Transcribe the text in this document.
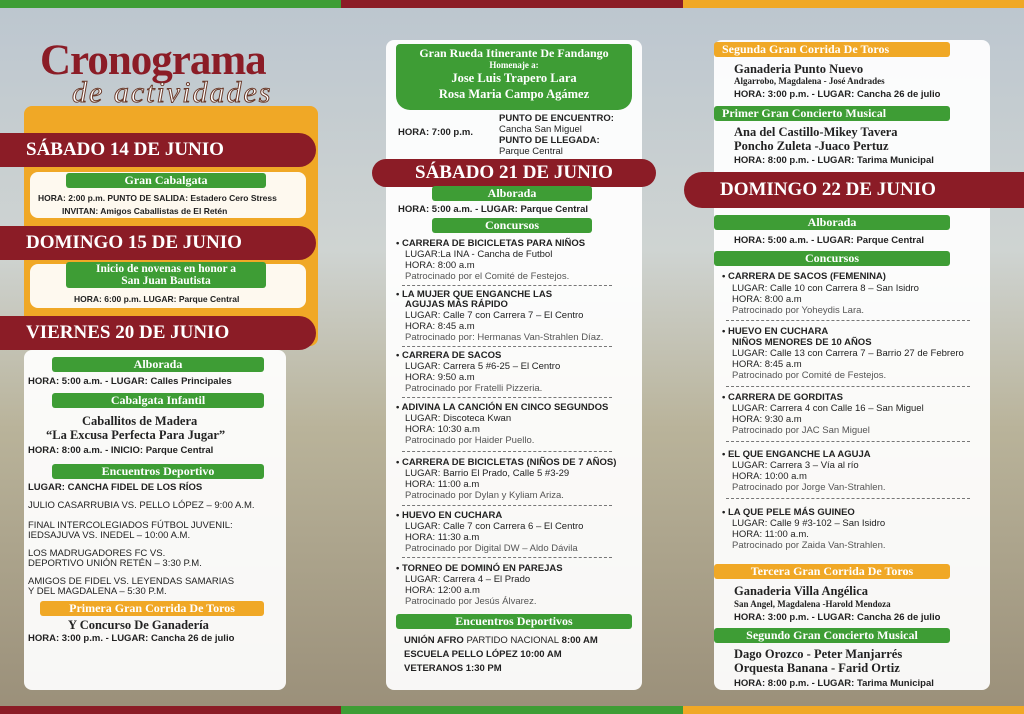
Cronograma
de actividades
SÁBADO 14 DE JUNIO
Gran Cabalgata
HORA: 2:00 p.m. PUNTO DE SALIDA: Estadero Cero Stress
INVITAN: Amigos Caballistas de El Retén
DOMINGO 15 DE JUNIO
Inicio de novenas en honor a
San Juan Bautista
HORA: 6:00 p.m. LUGAR: Parque Central
VIERNES 20 DE JUNIO
Alborada
HORA: 5:00 a.m. - LUGAR: Calles Principales
Cabalgata Infantil
Caballitos de Madera
“La Excusa Perfecta Para Jugar”
HORA: 8:00 a.m. - INICIO: Parque Central
Encuentros Deportivo
LUGAR: CANCHA FIDEL DE LOS RÍOS
JULIO CASARRUBIA VS. PELLO LÓPEZ – 9:00 A.M.
FINAL INTERCOLEGIADOS FÚTBOL JUVENIL:
IEDSAJUVA VS. INEDEL – 10:00 A.M.
LOS MADRUGADORES FC VS.
DEPORTIVO UNIÓN RETÉN – 3:30 P.M.
AMIGOS DE FIDEL VS. LEYENDAS SAMARIAS
Y DEL MAGDALENA – 5:30 P.M.
Primera Gran Corrida De Toros
Y Concurso De Ganadería
HORA: 3:00 p.m. - LUGAR: Cancha 26 de julio
Gran Rueda Itinerante De Fandango
Homenaje a:
Jose Luis Trapero Lara
Rosa Maria Campo Agámez
HORA: 7:00 p.m.
PUNTO DE ENCUENTRO:
Cancha San Miguel
PUNTO DE LLEGADA:
Parque Central
SÁBADO 21 DE JUNIO
Alborada
HORA: 5:00 a.m. - LUGAR: Parque Central
Concursos
• CARRERA DE BICICLETAS PARA NIÑOS
LUGAR:La INA - Cancha de Futbol
HORA: 8:00 a.m
Patrocinado por el Comité de Festejos.
• LA MUJER QUE ENGANCHE LAS
AGUJAS MÁS RÁPIDO
LUGAR: Calle 7 con Carrera 7 – El Centro
HORA: 8:45 a.m
Patrocinado por: Hermanas Van-Strahlen Díaz.
• CARRERA DE SACOS
LUGAR: Carrera 5 #6-25 – El Centro
HORA: 9:50 a.m
Patrocinado por Fratelli Pizzeria.
• ADIVINA LA CANCIÓN EN CINCO SEGUNDOS
LUGAR: Discoteca Kwan
HORA: 10:30 a.m
Patrocinado por Haider Puello.
• CARRERA DE BICICLETAS (NIÑOS DE 7 AÑOS)
LUGAR: Barrio El Prado, Calle 5 #3-29
HORA: 11:00 a.m
Patrocinado por Dylan y Kyliam Ariza.
• HUEVO EN CUCHARA
LUGAR: Calle 7 con Carrera 6 – El Centro
HORA: 11:30 a.m
Patrocinado por Digital DW – Aldo Dávila
• TORNEO DE DOMINÓ EN PAREJAS
LUGAR: Carrera 4 – El Prado
HORA: 12:00 a.m
Patrocinado por Jesús Álvarez.
Encuentros Deportivos
UNIÓN AFRO PARTIDO NACIONAL 8:00 AM
ESCUELA PELLO LÓPEZ 10:00 AM
VETERANOS 1:30 PM
Segunda Gran Corrida De Toros
Ganaderia Punto Nuevo
Algarrobo, Magdalena - José Andrades
HORA: 3:00 p.m. - LUGAR: Cancha 26 de julio
Primer Gran Concierto Musical
Ana del Castillo-Mikey Tavera
Poncho Zuleta -Juaco Pertuz
HORA: 8:00 p.m. - LUGAR: Tarima Municipal
DOMINGO 22 DE JUNIO
Alborada
HORA: 5:00 a.m. - LUGAR: Parque Central
Concursos
• CARRERA DE SACOS (FEMENINA)
LUGAR: Calle 10 con Carrera 8 – San Isidro
HORA: 8:00 a.m
Patrocinado por Yoheydis Lara.
• HUEVO EN CUCHARA
NIÑOS MENORES DE 10 AÑOS
LUGAR: Calle 13 con Carrera 7 – Barrio 27 de Febrero
HORA: 8:45 a.m
Patrocinado por Comité de Festejos.
• CARRERA DE GORDITAS
LUGAR: Carrera 4 con Calle 16 – San Miguel
HORA: 9:30 a.m
Patrocinado por JAC San Miguel
• EL QUE ENGANCHE LA AGUJA
LUGAR: Carrera 3 – Vía al río
HORA: 10:00 a.m
Patrocinado por Jorge Van-Strahlen.
• LA QUE PELE MÁS GUINEO
LUGAR: Calle 9 #3-102 – San Isidro
HORA: 11:00 a.m.
Patrocinado por Zaida Van-Strahlen.
Tercera Gran Corrida De Toros
Ganaderia Villa Angélica
San Angel, Magdalena -Harold Mendoza
HORA: 3:00 p.m. - LUGAR: Cancha 26 de julio
Segundo Gran Concierto Musical
Dago Orozco - Peter Manjarrés
Orquesta Banana - Farid Ortiz
HORA: 8:00 p.m. - LUGAR: Tarima Municipal
